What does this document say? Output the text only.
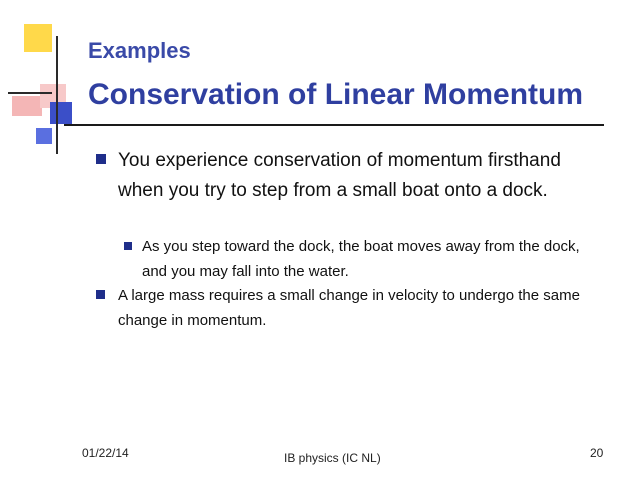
Examples
Conservation of Linear Momentum

You experience conservation of momentum firsthand when you try to step from a small boat onto a dock.

As you step toward the dock, the boat moves away from the dock, and you may fall into the water.

A large mass requires a small change in velocity to undergo the same change in momentum.

01/22/14	IB physics (IC NL)	20
